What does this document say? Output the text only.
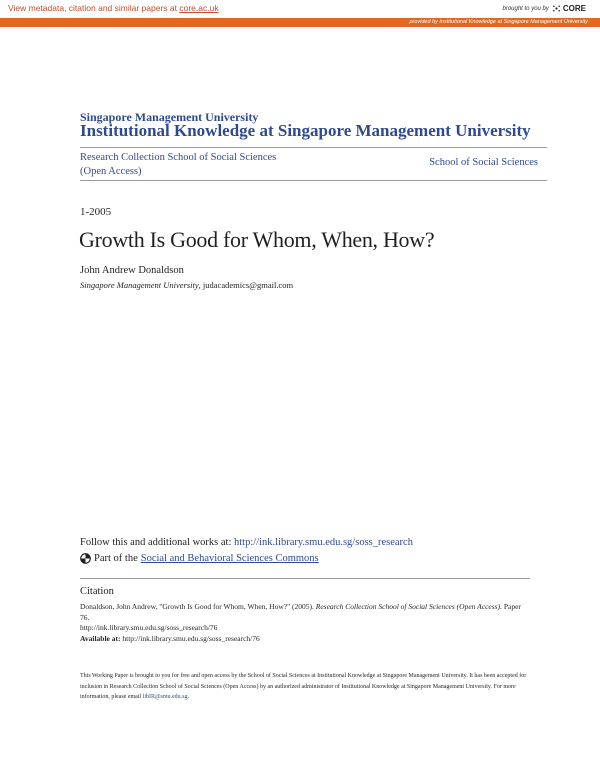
View metadata, citation and similar papers at core.ac.uk	brought to you by CORE
provided by Institutional Knowledge at Singapore Management University
Singapore Management University
Institutional Knowledge at Singapore Management University
Research Collection School of Social Sciences
(Open Access)
School of Social Sciences
1-2005
Growth Is Good for Whom, When, How?
John Andrew Donaldson
Singapore Management University, judacademics@gmail.com
Follow this and additional works at: http://ink.library.smu.edu.sg/soss_research
Part of the Social and Behavioral Sciences Commons
Citation
Donaldson, John Andrew, "Growth Is Good for Whom, When, How?" (2005). Research Collection School of Social Sciences (Open Access). Paper 76.
http://ink.library.smu.edu.sg/soss_research/76
Available at: http://ink.library.smu.edu.sg/soss_research/76
This Working Paper is brought to you for free and open access by the School of Social Sciences at Institutional Knowledge at Singapore Management University. It has been accepted for inclusion in Research Collection School of Social Sciences (Open Access) by an authorized administrator of Institutional Knowledge at Singapore Management University. For more information, please email libIR@smu.edu.sg.
